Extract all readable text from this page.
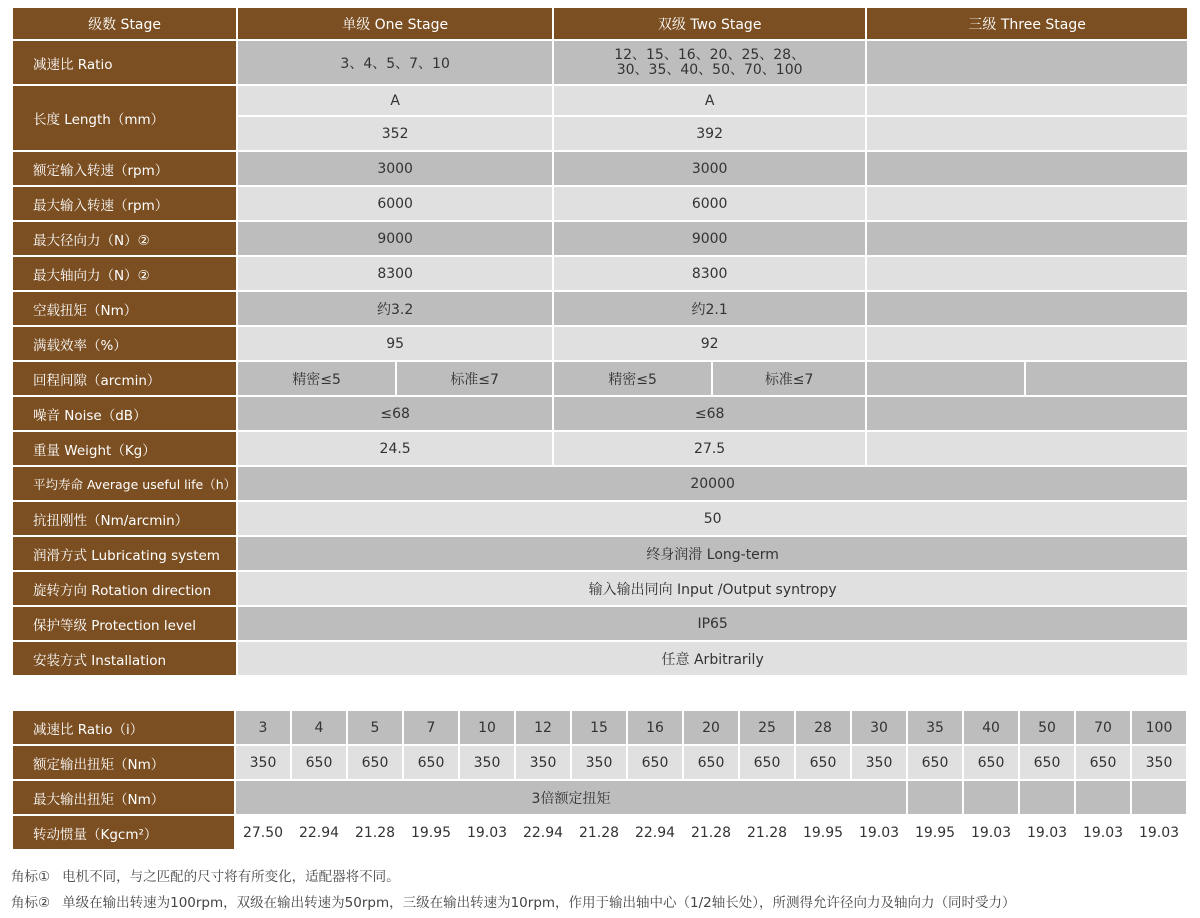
级数 Stage	单级 One Stage		双级 Two Stage		三级 Three Stage	
减速比 Ratio	3、4、5、7、10		12、15、16、20、25、28、
30、35、40、50、70、100			

长度 Length（mm）	A		A			
	352		392			
额定输入转速（rpm）	3000		3000			
最大输入转速（rpm）	6000		6000			
最大径向力（N）②	9000		9000			
最大轴向力（N）②	8300		8300			
空载扭矩（Nm）	约3.2		约2.1			
满载效率（%）	95		92			
回程间隙（arcmin）	精密≤5	标准≤7	精密≤5	标准≤7		
噪音 Noise（dB）	≤68		≤68			
重量 Weight（Kg）	24.5		27.5			
平均寿命 Average useful life（h）	20000					
抗扭刚性（Nm/arcmin）	50					
润滑方式 Lubricating system	终身润滑 Long-term					
旋转方向 Rotation direction	输入输出同向 Input /Output syntropy					
保护等级 Protection level	IP65					
安装方式 Installation	任意 Arbitrarily					
减速比 Ratio（i）	3	4	5	7	10	12	15	16	20	25	28	30	35	40	50	70	100
额定输出扭矩（Nm）	350	650	650	650	350	350	350	650	650	650	650	350	650	650	650	650	350
最大输出扭矩（Nm）	3倍额定扭矩																
转动惯量（Kgcm²）	27.50	22.94	21.28	19.95	19.03	22.94	21.28	22.94	21.28	21.28	19.95	19.03	19.95	19.03	19.03	19.03	19.03
角标① 电机不同，与之匹配的尺寸将有所变化，适配器将不同。
角标② 单级在输出转速为100rpm，双级在输出转速为50rpm，三级在输出转速为10rpm，作用于输出轴中心（1/2轴长处），所测得允许径向力及轴向力（同时受力）
